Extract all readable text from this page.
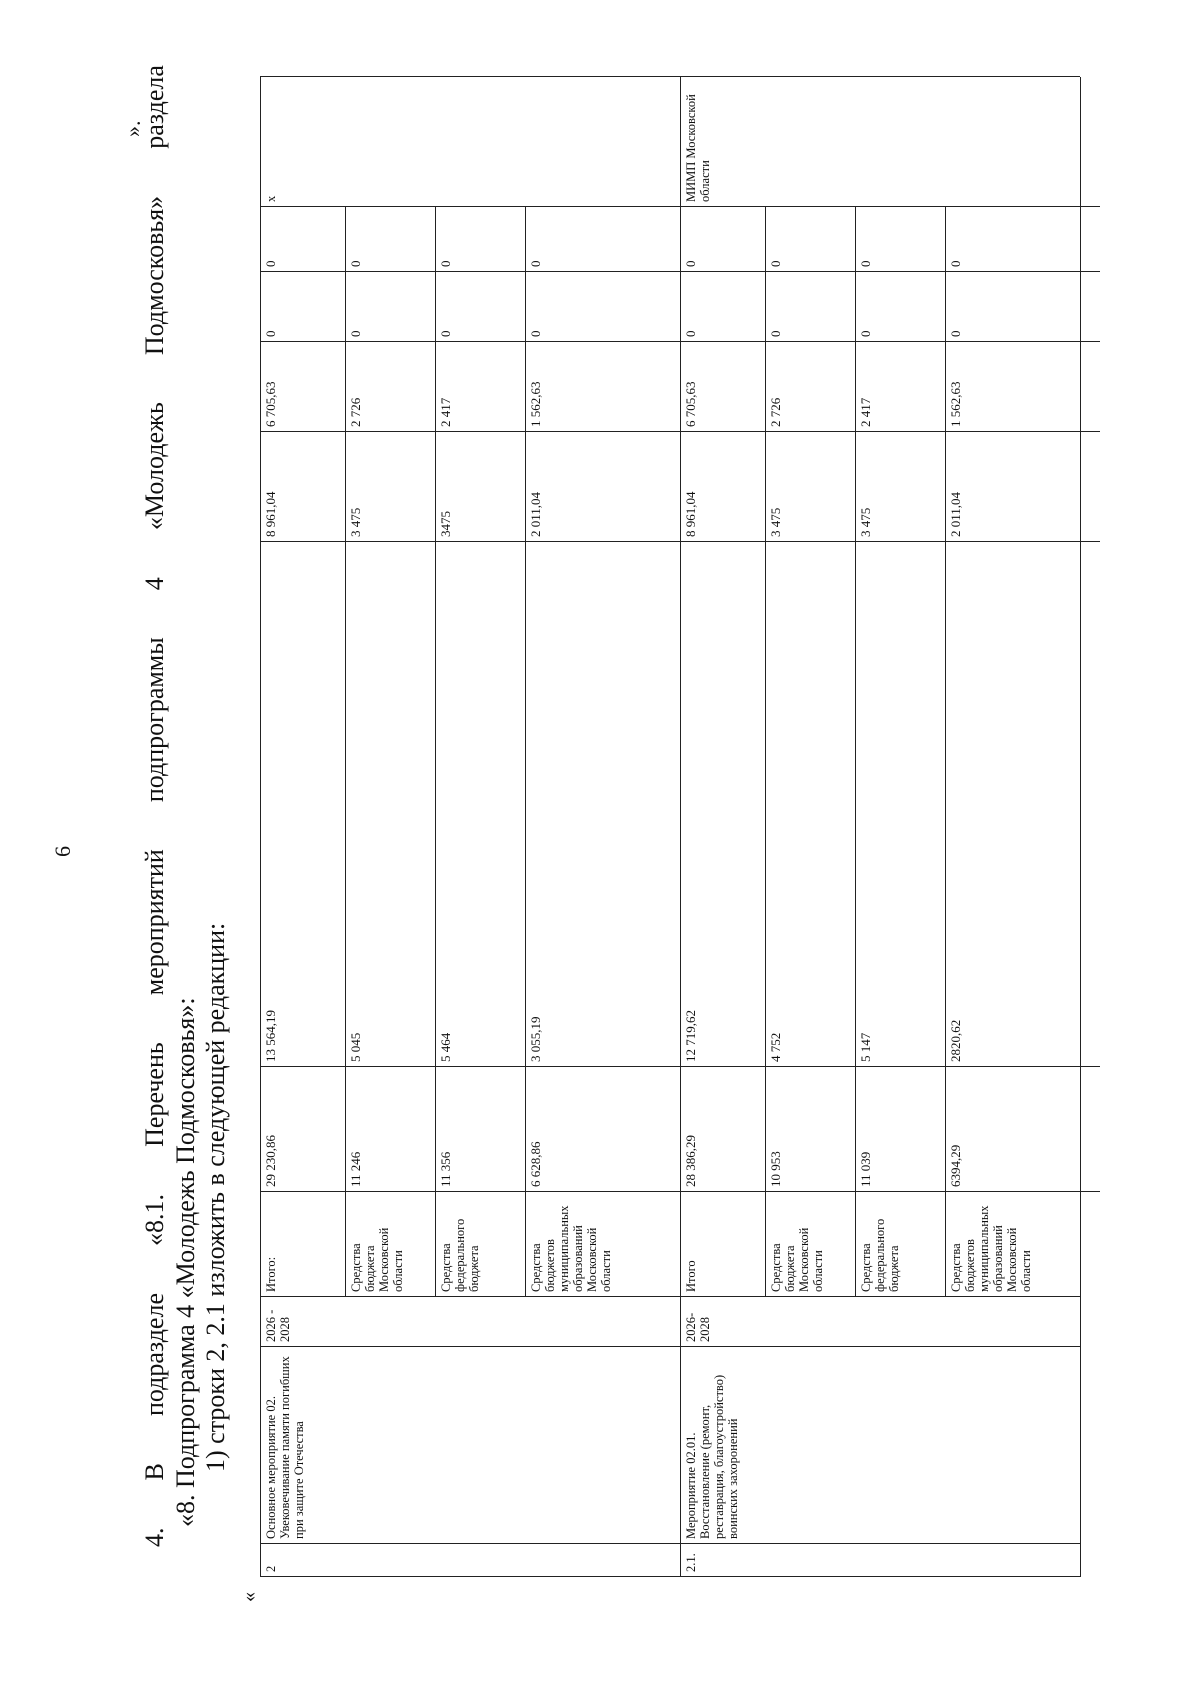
6
4.
В
подразделе
«8.1.
Перечень
мероприятий
подпрограммы
4
«Молодежь
Подмосковья»
раздела
«8. Подпрограмма 4 «Молодежь Подмосковья»: 1) строки 2, 2.1 изложить в следующей редакции:
».
«
2
Основное мероприятие 02. Увековечивание памяти погибших при защите Отечества
2026 - 2028
х
Итого:
29 230,86
13 564,19
8 961,04
6 705,63
0
0
Средства бюджета Московской области
11 246
5 045
3 475
2 726
0
0
Средства федерального бюджета
11 356
5 464
3475
2 417
0
0
Средства бюджетов муниципальных образований Московской области
6 628,86
3 055,19
2 011,04
1 562,63
0
0
2.1.
Мероприятие 02.01. Восстановление (ремонт, реставрация, благоустройство) воинских захоронений
2026- 2028
МИМП Московской области
Итого
28 386,29
12 719,62
8 961,04
6 705,63
0
0
Средства бюджета Московской области
10 953
4 752
3 475
2 726
0
0
Средства федерального бюджета
11 039
5 147
3 475
2 417
0
0
Средства бюджетов муниципальных образований Московской области
6394,29
2820,62
2 011,04
1 562,63
0
0
